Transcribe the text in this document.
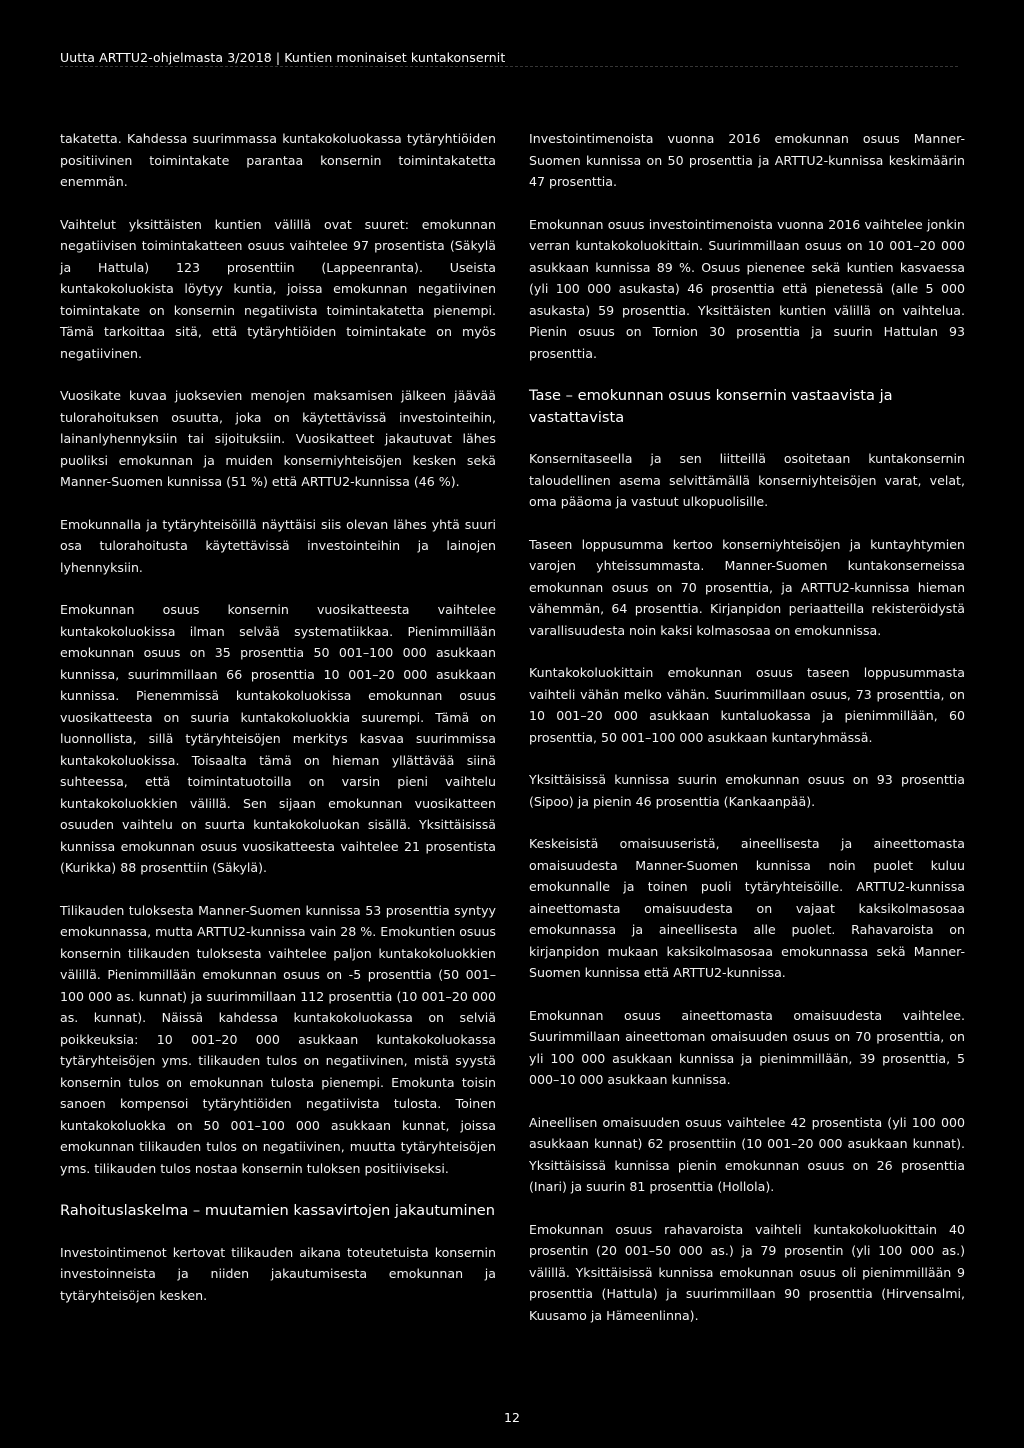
Uutta ARTTU2-ohjelmasta 3/2018 | Kuntien moninaiset kuntakonsernit

takatetta. Kahdessa suurimmassa kuntakokoluokassa tytäryhtiöiden positiivinen toimintakate parantaa konsernin toimintakatetta enemmän.

Vaihtelut yksittäisten kuntien välillä ovat suuret: emokunnan negatiivisen toimintakatteen osuus vaihtelee 97 prosentista (Säkylä ja Hattula) 123 prosenttiin (Lappeenranta). Useista kuntakokoluokista löytyy kuntia, joissa emokunnan negatiivinen toimintakate on konsernin negatiivista toimintakatetta pienempi. Tämä tarkoittaa sitä, että tytäryhtiöiden toimintakate on myös negatiivinen.

Vuosikate kuvaa juoksevien menojen maksamisen jälkeen jäävää tulorahoituksen osuutta, joka on käytettävissä investointeihin, lainanlyhennyksiin tai sijoituksiin. Vuosikatteet jakautuvat lähes puoliksi emokunnan ja muiden konserniyhteisöjen kesken sekä Manner-Suomen kunnissa (51 %) että ARTTU2-kunnissa (46 %).

Emokunnalla ja tytäryhteisöillä näyttäisi siis olevan lähes yhtä suuri osa tulorahoitusta käytettävissä investointeihin ja lainojen lyhennyksiin.

Emokunnan osuus konsernin vuosikatteesta vaihtelee kuntakokoluokissa ilman selvää systematiikkaa. Pienimmillään emokunnan osuus on 35 prosenttia 50 001–100 000 asukkaan kunnissa, suurimmillaan 66 prosenttia 10 001–20 000 asukkaan kunnissa. Pienemmissä kuntakokoluokissa emokunnan osuus vuosikatteesta on suuria kuntakokoluokkia suurempi. Tämä on luonnollista, sillä tytäryhteisöjen merkitys kasvaa suurimmissa kuntakokoluokissa. Toisaalta tämä on hieman yllättävää siinä suhteessa, että toimintatuotoilla on varsin pieni vaihtelu kuntakokoluokkien välillä. Sen sijaan emokunnan vuosikatteen osuuden vaihtelu on suurta kuntakokoluokan sisällä. Yksittäisissä kunnissa emokunnan osuus vuosikatteesta vaihtelee 21 prosentista (Kurikka) 88 prosenttiin (Säkylä).

Tilikauden tuloksesta Manner-Suomen kunnissa 53 prosenttia syntyy emokunnassa, mutta ARTTU2-kunnissa vain 28 %. Emokuntien osuus konsernin tilikauden tuloksesta vaihtelee paljon kuntakokoluokkien välillä. Pienimmillään emokunnan osuus on -5 prosenttia (50 001–100 000 as. kunnat) ja suurimmillaan 112 prosenttia (10 001–20 000 as. kunnat). Näissä kahdessa kuntakokoluokassa on selviä poikkeuksia: 10 001–20 000 asukkaan kuntakokoluokassa tytäryhteisöjen yms. tilikauden tulos on negatiivinen, mistä syystä konsernin tulos on emokunnan tulosta pienempi. Emokunta toisin sanoen kompensoi tytäryhtiöiden negatiivista tulosta. Toinen kuntakokoluokka on 50 001–100 000 asukkaan kunnat, joissa emokunnan tilikauden tulos on negatiivinen, muutta tytäryhteisöjen yms. tilikauden tulos nostaa konsernin tuloksen positiiviseksi.

Rahoituslaskelma – muutamien kassavirtojen jakautuminen

Investointimenot kertovat tilikauden aikana toteutetuista konsernin investoinneista ja niiden jakautumisesta emokunnan ja tytäryhteisöjen kesken.

Investointimenoista vuonna 2016 emokunnan osuus Manner-Suomen kunnissa on 50 prosenttia ja ARTTU2-kunnissa keskimäärin 47 prosenttia.

Emokunnan osuus investointimenoista vuonna 2016 vaihtelee jonkin verran kuntakokoluokittain. Suurimmillaan osuus on 10 001–20 000 asukkaan kunnissa 89 %. Osuus pienenee sekä kuntien kasvaessa (yli 100 000 asukasta) 46 prosenttia että pienetessä (alle 5 000 asukasta) 59 prosenttia. Yksittäisten kuntien välillä on vaihtelua. Pienin osuus on Tornion 30 prosenttia ja suurin Hattulan 93 prosenttia.

Tase – emokunnan osuus konsernin vastaavista ja vastattavista

Konsernitaseella ja sen liitteillä osoitetaan kuntakonsernin taloudellinen asema selvittämällä konserniyhteisöjen varat, velat, oma pääoma ja vastuut ulkopuolisille.

Taseen loppusumma kertoo konserniyhteisöjen ja kuntayhtymien varojen yhteissummasta. Manner-Suomen kuntakonserneissa emokunnan osuus on 70 prosenttia, ja ARTTU2-kunnissa hieman vähemmän, 64 prosenttia. Kirjanpidon periaatteilla rekisteröidystä varallisuudesta noin kaksi kolmasosaa on emokunnissa.

Kuntakokoluokittain emokunnan osuus taseen loppusummasta vaihteli vähän melko vähän. Suurimmillaan osuus, 73 prosenttia, on 10 001–20 000 asukkaan kuntaluokassa ja pienimmillään, 60 prosenttia, 50 001–100 000 asukkaan kuntaryhmässä.

Yksittäisissä kunnissa suurin emokunnan osuus on 93 prosenttia (Sipoo) ja pienin 46 prosenttia (Kankaanpää).

Keskeisistä omaisuuseristä, aineellisesta ja aineettomasta omaisuudesta Manner-Suomen kunnissa noin puolet kuluu emokunnalle ja toinen puoli tytäryhteisöille. ARTTU2-kunnissa aineettomasta omaisuudesta on vajaat kaksikolmasosaa emokunnassa ja aineellisesta alle puolet. Rahavaroista on kirjanpidon mukaan kaksikolmasosaa emokunnassa sekä Manner-Suomen kunnissa että ARTTU2-kunnissa.

Emokunnan osuus aineettomasta omaisuudesta vaihtelee. Suurimmillaan aineettoman omaisuuden osuus on 70 prosenttia, on yli 100 000 asukkaan kunnissa ja pienimmillään, 39 prosenttia, 5 000–10 000 asukkaan kunnissa.

Aineellisen omaisuuden osuus vaihtelee 42 prosentista (yli 100 000 asukkaan kunnat) 62 prosenttiin (10 001–20 000 asukkaan kunnat). Yksittäisissä kunnissa pienin emokunnan osuus on 26 prosenttia (Inari) ja suurin 81 prosenttia (Hollola).

Emokunnan osuus rahavaroista vaihteli kuntakokoluokittain 40 prosentin (20 001–50 000 as.) ja 79 prosentin (yli 100 000 as.) välillä. Yksittäisissä kunnissa emokunnan osuus oli pienimmillään 9 prosenttia (Hattula) ja suurimmillaan 90 prosenttia (Hirvensalmi, Kuusamo ja Hämeenlinna).

12
